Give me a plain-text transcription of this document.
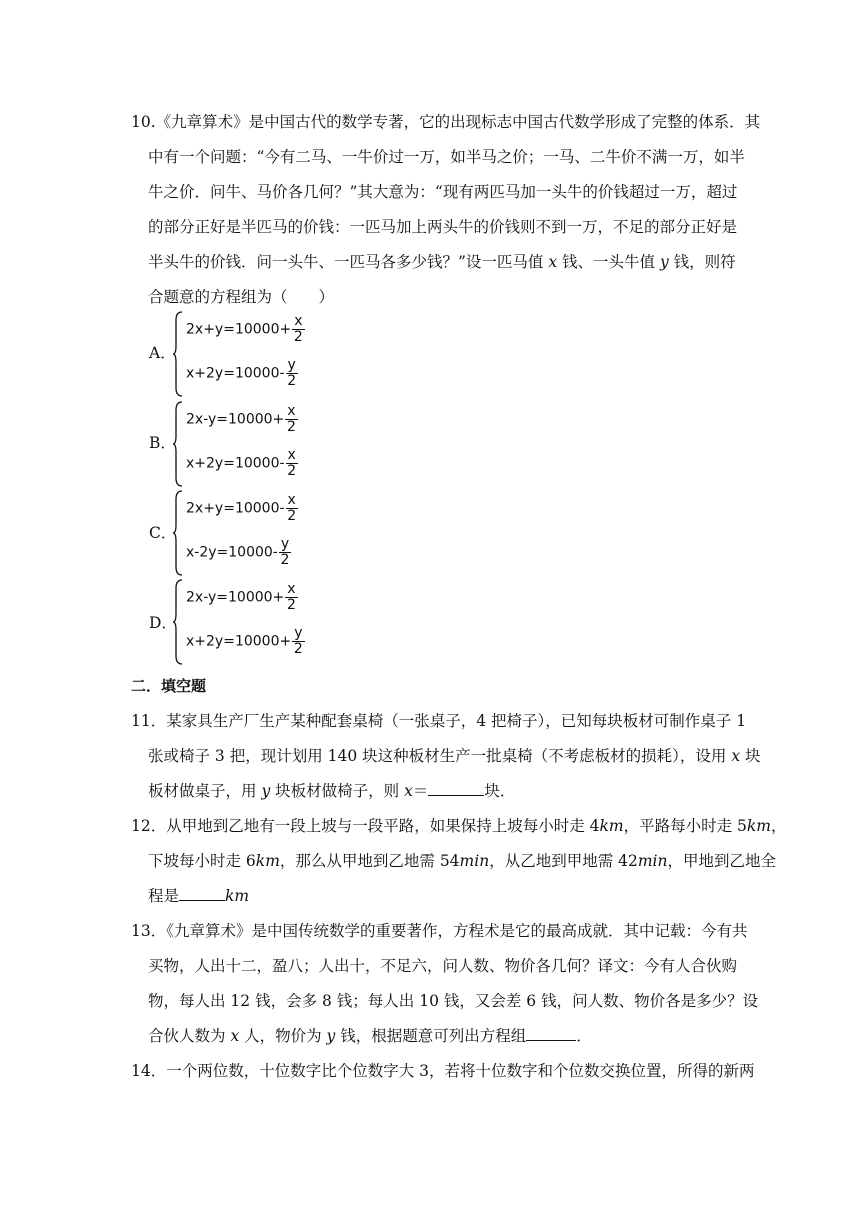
10.《九章算术》是中国古代的数学专著，它的出现标志中国古代数学形成了完整的体系．其
中有一个问题：“今有二马、一牛价过一万，如半马之价；一马、二牛价不满一万，如半
牛之价．问牛、马价各几何？”其大意为：“现有两匹马加一头牛的价钱超过一万，超过
的部分正好是半匹马的价钱：一匹马加上两头牛的价钱则不到一万，不足的部分正好是
半头牛的价钱．问一头牛、一匹马各多少钱？”设一匹马值 x 钱、一头牛值 y 钱，则符
合题意的方程组为（　　）
A．
$2x+y=10000+ \frac{x}{2}$
$x+2y=10000- \frac{y}{2}$
B．
$2x-y=10000+ \frac{x}{2}$
$x+2y=10000- \frac{x}{2}$
C．
$2x+y=10000- \frac{x}{2}$
$x-2y=10000- \frac{y}{2}$
D．
$2x-y=10000+ \frac{x}{2}$
$x+2y=10000+ \frac{y}{2}$
二．填空题
11．某家具生产厂生产某种配套桌椅（一张桌子，4 把椅子），已知每块板材可制作桌子 1
张或椅子 3 把，现计划用 140 块这种板材生产一批桌椅（不考虑板材的损耗），设用 x 块
板材做桌子，用 y 块板材做椅子，则 x＝	块．
12．从甲地到乙地有一段上坡与一段平路，如果保持上坡每小时走 4km，平路每小时走 5km，
下坡每小时走 6km，那么从甲地到乙地需 54min，从乙地到甲地需 42min，甲地到乙地全
程是	km
13．《九章算术》是中国传统数学的重要著作，方程术是它的最高成就．其中记载：今有共
买物，人出十二，盈八；人出十，不足六，问人数、物价各几何？译文：今有人合伙购
物，每人出 12 钱，会多 8 钱；每人出 10 钱，又会差 6 钱，问人数、物价各是多少？设
合伙人数为 x 人，物价为 y 钱，根据题意可列出方程组	．
14．一个两位数，十位数字比个位数字大 3，若将十位数字和个位数交换位置，所得的新两
